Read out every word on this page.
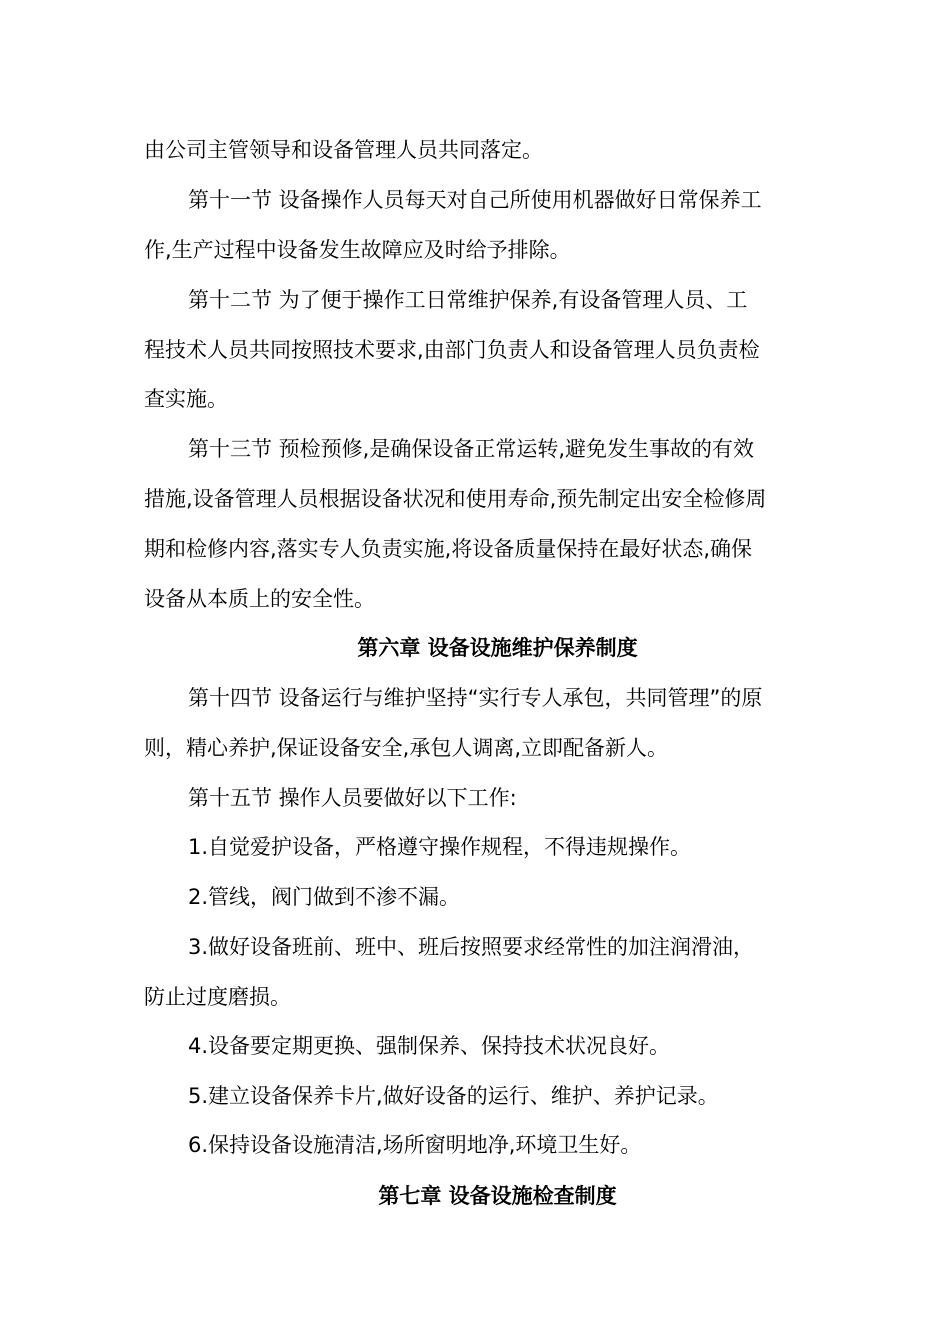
由公司主管领导和设备管理人员共同落定。
第十一节 设备操作人员每天对自己所使用机器做好日常保养工
作,生产过程中设备发生故障应及时给予排除。
第十二节 为了便于操作工日常维护保养,有设备管理人员、工
程技术人员共同按照技术要求,由部门负责人和设备管理人员负责检
查实施。
第十三节 预检预修,是确保设备正常运转,避免发生事故的有效
措施,设备管理人员根据设备状况和使用寿命,预先制定出安全检修周
期和检修内容,落实专人负责实施,将设备质量保持在最好状态,确保
设备从本质上的安全性。
第六章 设备设施维护保养制度
第十四节 设备运行与维护坚持“实行专人承包，共同管理”的原
则，精心养护,保证设备安全,承包人调离,立即配备新人。
第十五节 操作人员要做好以下工作:
1.自觉爱护设备，严格遵守操作规程，不得违规操作。
2.管线，阀门做到不渗不漏。
3.做好设备班前、班中、班后按照要求经常性的加注润滑油，
防止过度磨损。
4.设备要定期更换、强制保养、保持技术状况良好。
5.建立设备保养卡片,做好设备的运行、维护、养护记录。
6.保持设备设施清洁,场所窗明地净,环境卫生好。
第七章 设备设施检查制度
